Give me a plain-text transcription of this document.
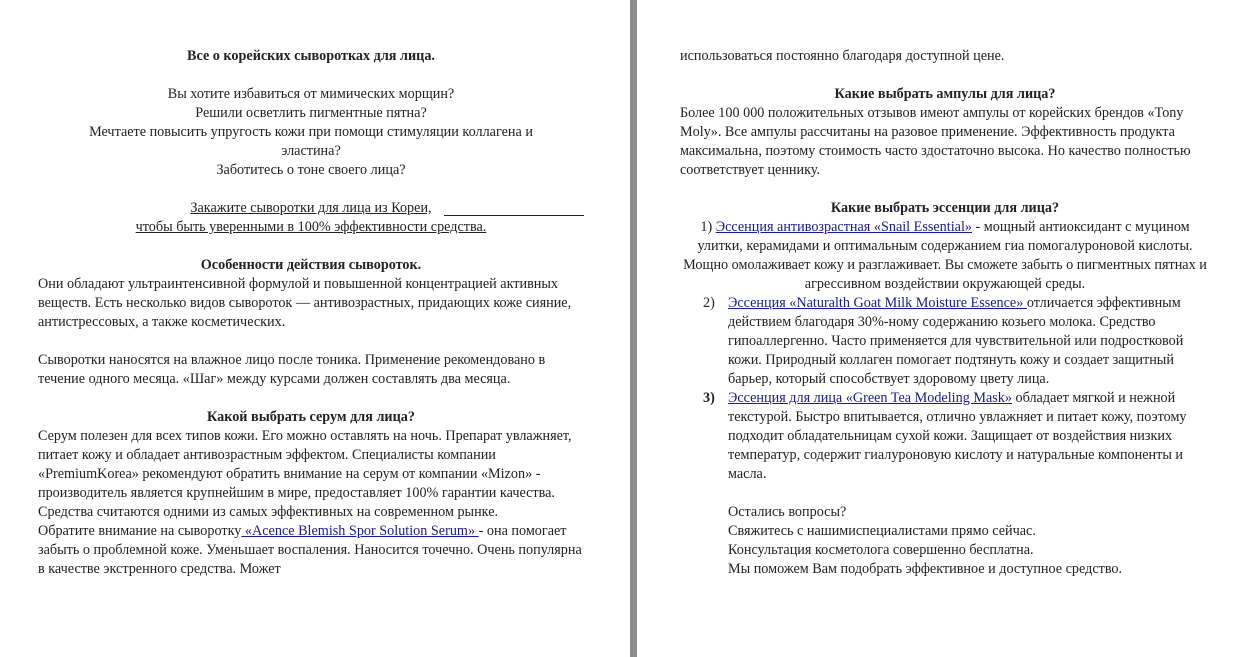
Все о корейских сыворотках для лица.
Вы хотите избавиться от мимических морщин?
Решили осветлить пигментные пятна?
Мечтаете повысить упругость кожи при помощи стимуляции коллагена и
эластина?
Заботитесь о тоне своего лица?
Закажите сыворотки для лица из Кореи,
чтобы быть уверенными в 100% эффективности средства.
Особенности действия сывороток.
Они обладают ультраинтенсивной формулой и повышенной концентрацией активных веществ. Есть несколько видов сывороток — антивозрастных, придающих коже сияние, антистрессовых, а также косметических.
Сыворотки наносятся на влажное лицо после тоника. Применение рекомендовано в течение одного месяца. «Шаг» между курсами должен составлять два месяца.
Какой выбрать серум для лица?
Серум полезен для всех типов кожи. Его можно оставлять на ночь. Препарат увлажняет, питает кожу и обладает антивозрастным эффектом. Специалисты компании «PremiumKorea» рекомендуют обратить внимание на серум от компании «Mizon» - производитель является крупнейшим в мире, предоставляет 100% гарантии качества. Средства считаются одними из самых эффективных на современном рынке.
Обратите внимание на сыворотку «Acence Blemish Spor Solution Serum» - она помогает забыть о проблемной коже. Уменьшает воспаления. Наносится точечно. Очень популярна в качестве экстренного средства. Может
использоваться постоянно благодаря доступной цене.
Какие выбрать ампулы для лица?
Более 100 000 положительных отзывов имеют ампулы от корейских брендов «Tony Moly». Все ампулы рассчитаны на разовое применение. Эффективность продукта максимальна, поэтому стоимость часто здостаточно высока. Но качество полностью соответствует ценнику.
Какие выбрать эссенции для лица?
1) Эссенция антивозрастная «Snail Essential» - мощный антиоксидант с муцином улитки, керамидами и оптимальным содержанием гиа помогалуроновой кислоты. Мощно омолаживает кожу и разглаживает. Вы сможете забыть о пигментных пятнах и агрессивном воздействии окружающей среды.
2) Эссенция «Naturalth Goat Milk Moisture Essence» отличается эффективным действием благодаря 30%-ному содержанию козьего молока. Средство гипоаллергенно. Часто применяется для чувствительной или подростковой кожи. Природный коллаген помогает подтянуть кожу и создает защитный барьер, который способствует здоровому цвету лица.
3) Эссенция для лица «Green Tea Modeling Mask» обладает мягкой и нежной текстурой. Быстро впитывается, отлично увлажняет и питает кожу, поэтому подходит обладательницам сухой кожи. Защищает от воздействия низких температур, содержит гиалуроновую кислоту и натуральные компоненты и масла.
Остались вопросы?
Свяжитесь с нашимиспециалистами прямо сейчас.
Консультация косметолога совершенно бесплатна.
Мы поможем Вам подобрать эффективное и доступное средство.
